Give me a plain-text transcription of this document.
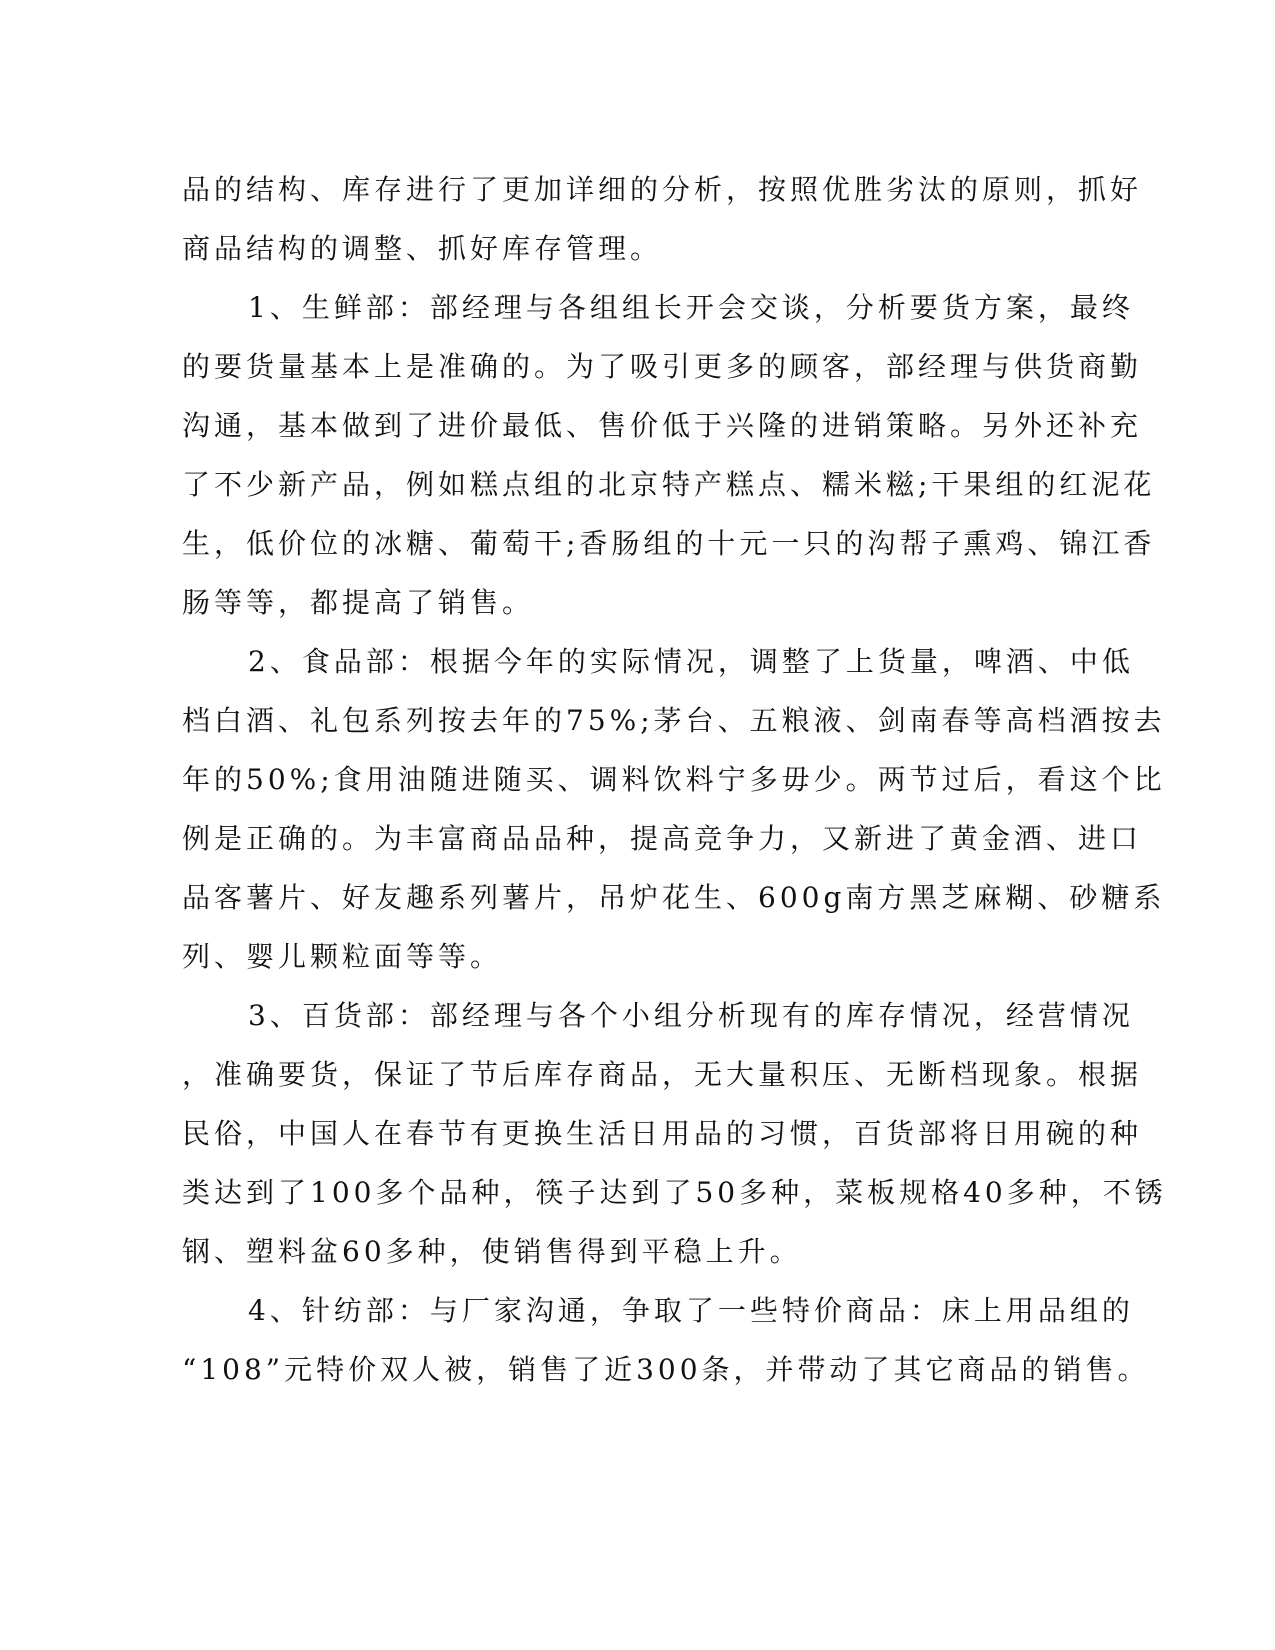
品的结构、库存进行了更加详细的分析，按照优胜劣汰的原则，抓好
商品结构的调整、抓好库存管理。
1、生鲜部：部经理与各组组长开会交谈，分析要货方案，最终
的要货量基本上是准确的。为了吸引更多的顾客，部经理与供货商勤
沟通，基本做到了进价最低、售价低于兴隆的进销策略。另外还补充
了不少新产品，例如糕点组的北京特产糕点、糯米糍;干果组的红泥花
生，低价位的冰糖、葡萄干;香肠组的十元一只的沟帮子熏鸡、锦江香
肠等等，都提高了销售。
2、食品部：根据今年的实际情况，调整了上货量，啤酒、中低
档白酒、礼包系列按去年的75%;茅台、五粮液、剑南春等高档酒按去
年的50%;食用油随进随买、调料饮料宁多毋少。两节过后，看这个比
例是正确的。为丰富商品品种，提高竞争力，又新进了黄金酒、进口
品客薯片、好友趣系列薯片，吊炉花生、600g南方黑芝麻糊、砂糖系
列、婴儿颗粒面等等。
3、百货部：部经理与各个小组分析现有的库存情况，经营情况
，准确要货，保证了节后库存商品，无大量积压、无断档现象。根据
民俗，中国人在春节有更换生活日用品的习惯，百货部将日用碗的种
类达到了100多个品种，筷子达到了50多种，菜板规格40多种，不锈
钢、塑料盆60多种，使销售得到平稳上升。
4、针纺部：与厂家沟通，争取了一些特价商品：床上用品组的
“108”元特价双人被，销售了近300条，并带动了其它商品的销售。
